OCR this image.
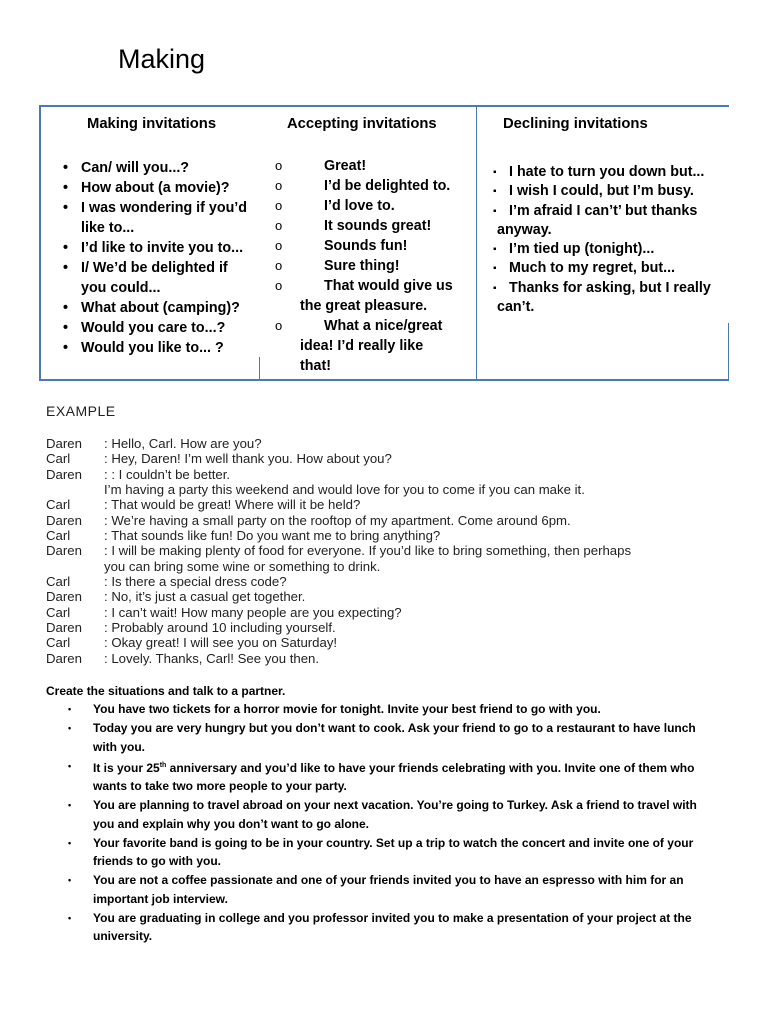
Making
Making invitations
• Can/ will you...?
• How about (a movie)?
• I was wondering if you’d
like to...
• I’d like to invite you to...
• I/ We’d be delighted if
you could...
• What about (camping)?
• Would you care to...?
• Would you like to... ?
Accepting invitations
o	Great!
o	I’d be delighted to.
o	I’d love to.
o	It sounds great!
o	Sounds fun!
o	Sure thing!
o	That would give us
the great pleasure.
o	What a nice/great
idea! I’d really like
that!
Declining invitations
▪ I hate to turn you down but...
▪ I wish I could, but I’m busy.
▪ I’m afraid I can’t’ but thanks
anyway.
▪ I’m tied up (tonight)...
▪ Much to my regret, but...
▪ Thanks for asking, but I really
can’t.
EXAMPLE
Daren : Hello, Carl. How are you?
Carl	: Hey, Daren! I’m well thank you. How about you?
Daren : : I couldn’t be better.
I’m having a party this weekend and would love for you to come if you can make it.
Carl	: That would be great! Where will it be held?
Daren : We’re having a small party on the rooftop of my apartment. Come around 6pm.
Carl	: That sounds like fun! Do you want me to bring anything?
Daren : I will be making plenty of food for everyone. If you’d like to bring something, then perhaps
you can bring some wine or something to drink.
Carl	: Is there a special dress code?
Daren : No, it’s just a casual get together.
Carl	: I can’t wait! How many people are you expecting?
Daren : Probably around 10 including yourself.
Carl	: Okay great! I will see you on Saturday!
Daren : Lovely. Thanks, Carl! See you then.
Create the situations and talk to a partner.
• You have two tickets for a horror movie for tonight. Invite your best friend to go with you.
• Today you are very hungry but you don’t want to cook. Ask your friend to go to a restaurant to have lunch
with you.
• It is your 25th anniversary and you’d like to have your friends celebrating with you. Invite one of them who
wants to take two more people to your party.
• You are planning to travel abroad on your next vacation. You’re going to Turkey. Ask a friend to travel with
you and explain why you don’t want to go alone.
• Your favorite band is going to be in your country. Set up a trip to watch the concert and invite one of your
friends to go with you.
• You are not a coffee passionate and one of your friends invited you to have an espresso with him for an
important job interview.
• You are graduating in college and you professor invited you to make a presentation of your project at the
university.
